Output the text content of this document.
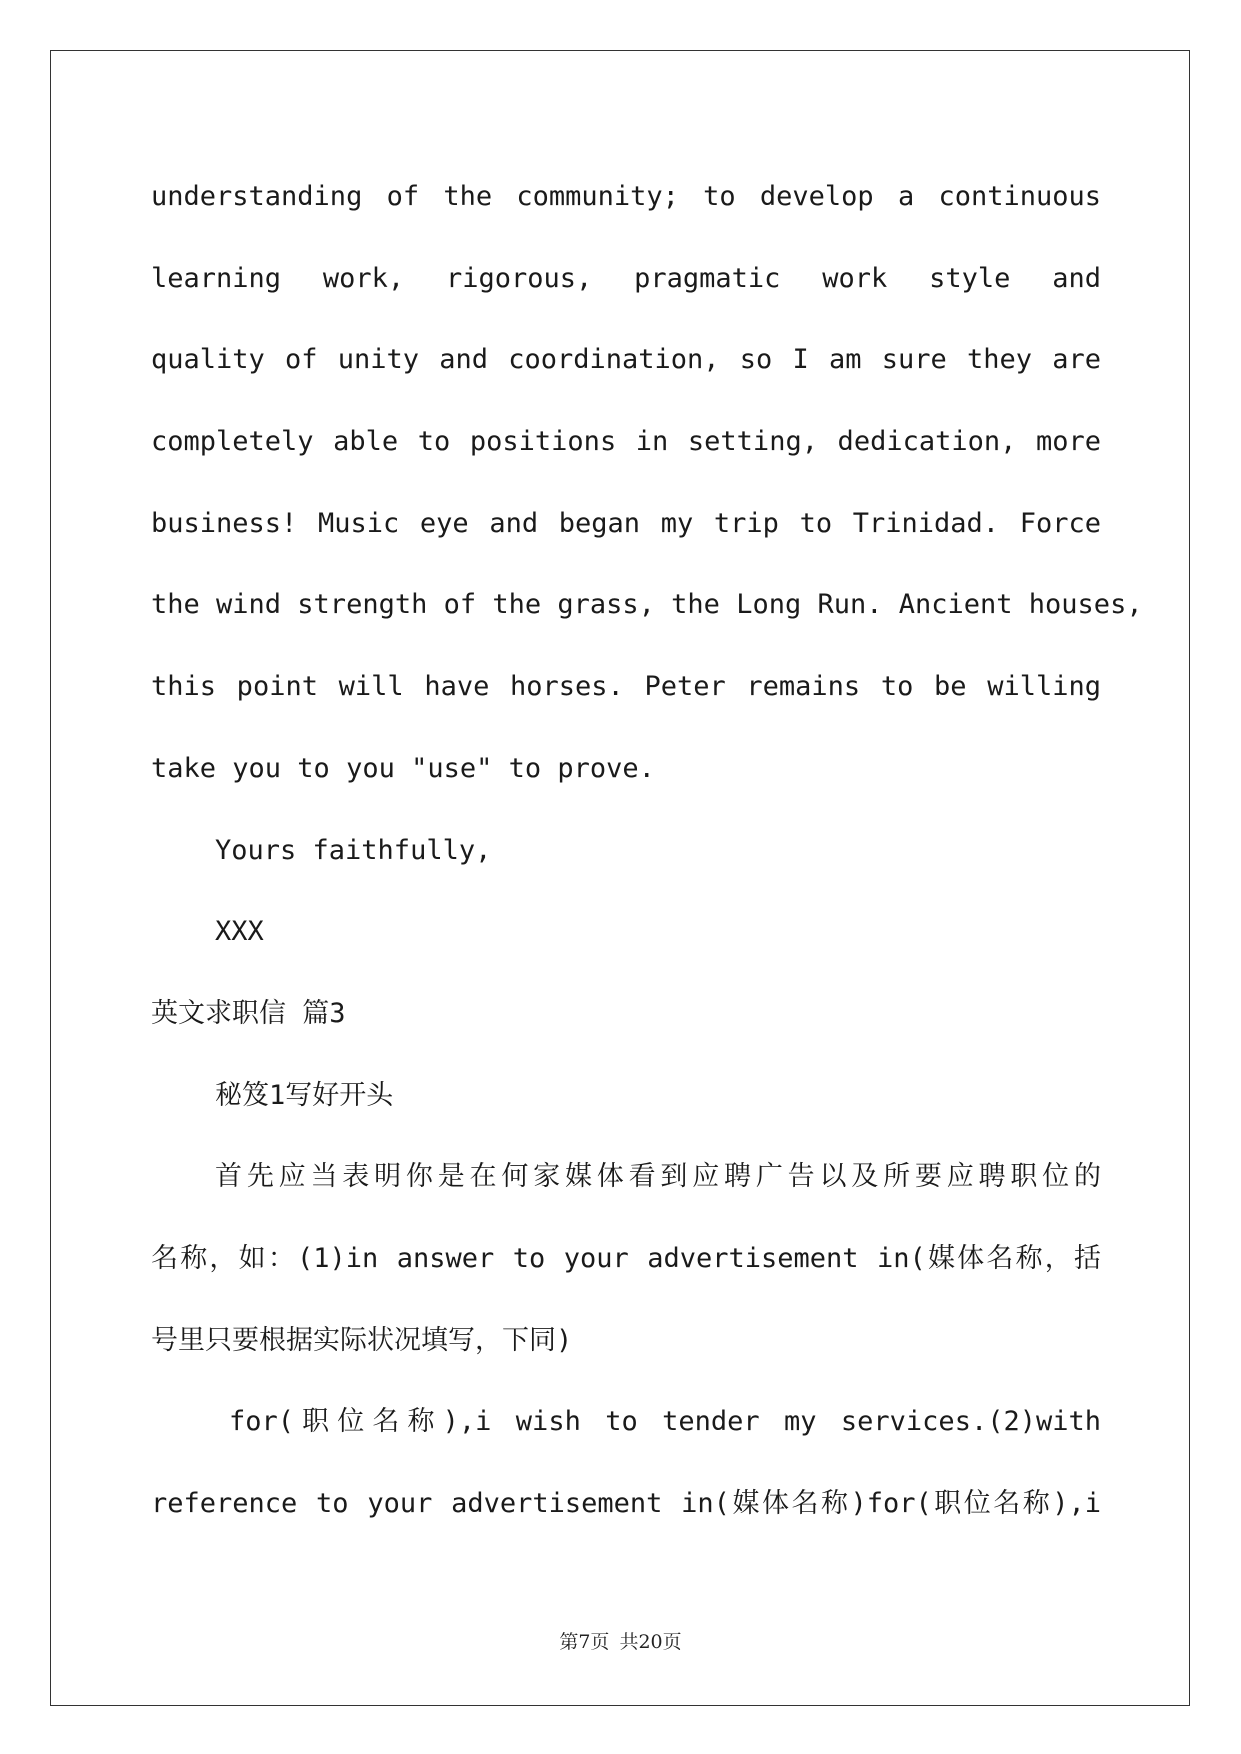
understanding of the community; to develop a continuous

learning work, rigorous, pragmatic work style and

quality of unity and coordination, so I am sure they are

completely able to positions in setting, dedication, more

business! Music eye and began my trip to Trinidad. Force

the wind strength of the grass, the Long Run. Ancient houses,

this point will have horses. Peter remains to be willing

take you to you "use" to prove.

Yours faithfully,

XXX

英文求职信 篇3

秘笈1写好开头

首先应当表明你是在何家媒体看到应聘广告以及所要应聘职位的

名称，如：(1)in answer to your advertisement in(媒体名称，括

号里只要根据实际状况填写，下同)

for(职位名称),i wish to tender my services.(2)with

reference to your advertisement in(媒体名称)for(职位名称),i

第7页 共20页
